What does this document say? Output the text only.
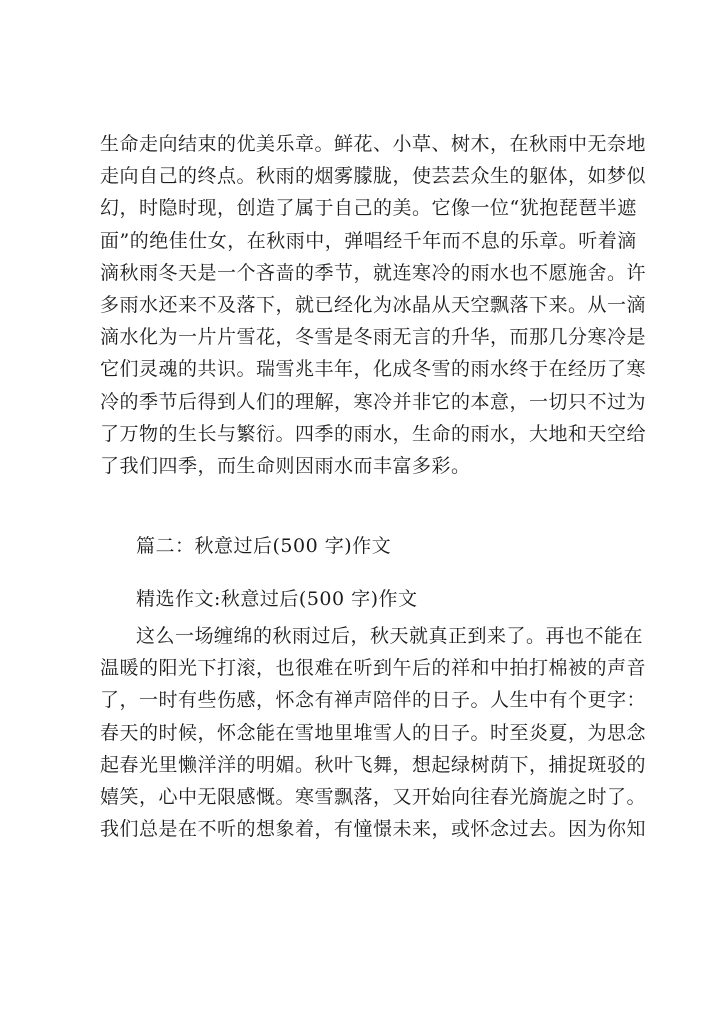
生命走向结束的优美乐章。鲜花、小草、树木，在秋雨中无奈地
走向自己的终点。秋雨的烟雾朦胧，使芸芸众生的躯体，如梦似
幻，时隐时现，创造了属于自己的美。它像一位“犹抱琵琶半遮
面”的绝佳仕女，在秋雨中，弹唱经千年而不息的乐章。听着滴
滴秋雨冬天是一个吝啬的季节，就连寒冷的雨水也不愿施舍。许
多雨水还来不及落下，就已经化为冰晶从天空飘落下来。从一滴
滴水化为一片片雪花，冬雪是冬雨无言的升华，而那几分寒冷是
它们灵魂的共识。瑞雪兆丰年，化成冬雪的雨水终于在经历了寒
冷的季节后得到人们的理解，寒冷并非它的本意，一切只不过为
了万物的生长与繁衍。四季的雨水，生命的雨水，大地和天空给
了我们四季，而生命则因雨水而丰富多彩。
篇二：秋意过后(500 字)作文
精选作文:秋意过后(500 字)作文
这么一场缠绵的秋雨过后，秋天就真正到来了。再也不能在
温暖的阳光下打滚，也很难在听到午后的祥和中拍打棉被的声音
了，一时有些伤感，怀念有禅声陪伴的日子。人生中有个更字：
春天的时候，怀念能在雪地里堆雪人的日子。时至炎夏，为思念
起春光里懒洋洋的明媚。秋叶飞舞，想起绿树荫下，捕捉斑驳的
嬉笑，心中无限感慨。寒雪飘落，又开始向往春光旖旎之时了。
我们总是在不听的想象着，有憧憬未来，或怀念过去。因为你知
